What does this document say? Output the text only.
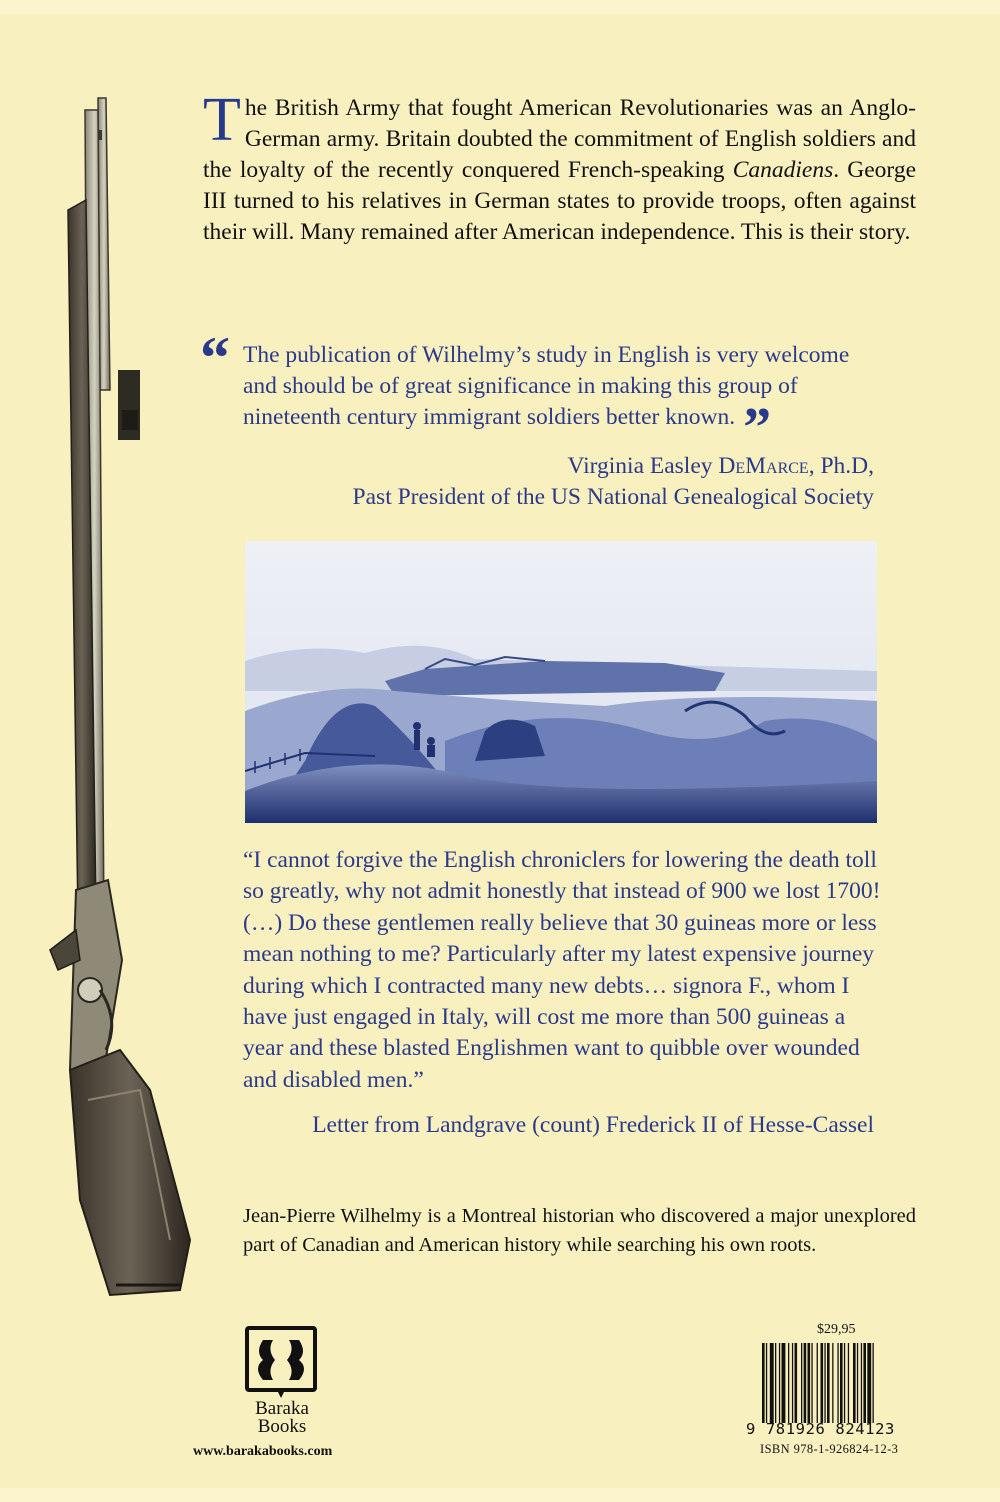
The British Army that fought American Revolutionaries was an Anglo-German army. Britain doubted the commitment of English soldiers and the loyalty of the recently conquered French-speaking Canadiens. George III turned to his relatives in German states to provide troops, often against their will. Many remained after American independence. This is their story.
“ The publication of Wilhelmy’s study in English is very welcome and should be of great significance in making this group of nineteenth century immigrant soldiers better known. ”
Virginia Easley DeMarce, Ph.D,
Past President of the US National Genealogical Society
“I cannot forgive the English chroniclers for lowering the death toll so greatly, why not admit honestly that instead of 900 we lost 1700! (…) Do these gentlemen really believe that 30 guineas more or less mean nothing to me? Particularly after my latest expensive journey during which I contracted many new debts… signora F., whom I have just engaged in Italy, will cost me more than 500 guineas a year and these blasted Englishmen want to quibble over wounded and disabled men.”
Letter from Landgrave (count) Frederick II of Hesse-Cassel
Jean-Pierre Wilhelmy is a Montreal historian who discovered a major unexplored part of Canadian and American history while searching his own roots.
Baraka
Books
www.barakabooks.com
$29,95
9 781926 824123
ISBN 978-1-926824-12-3
